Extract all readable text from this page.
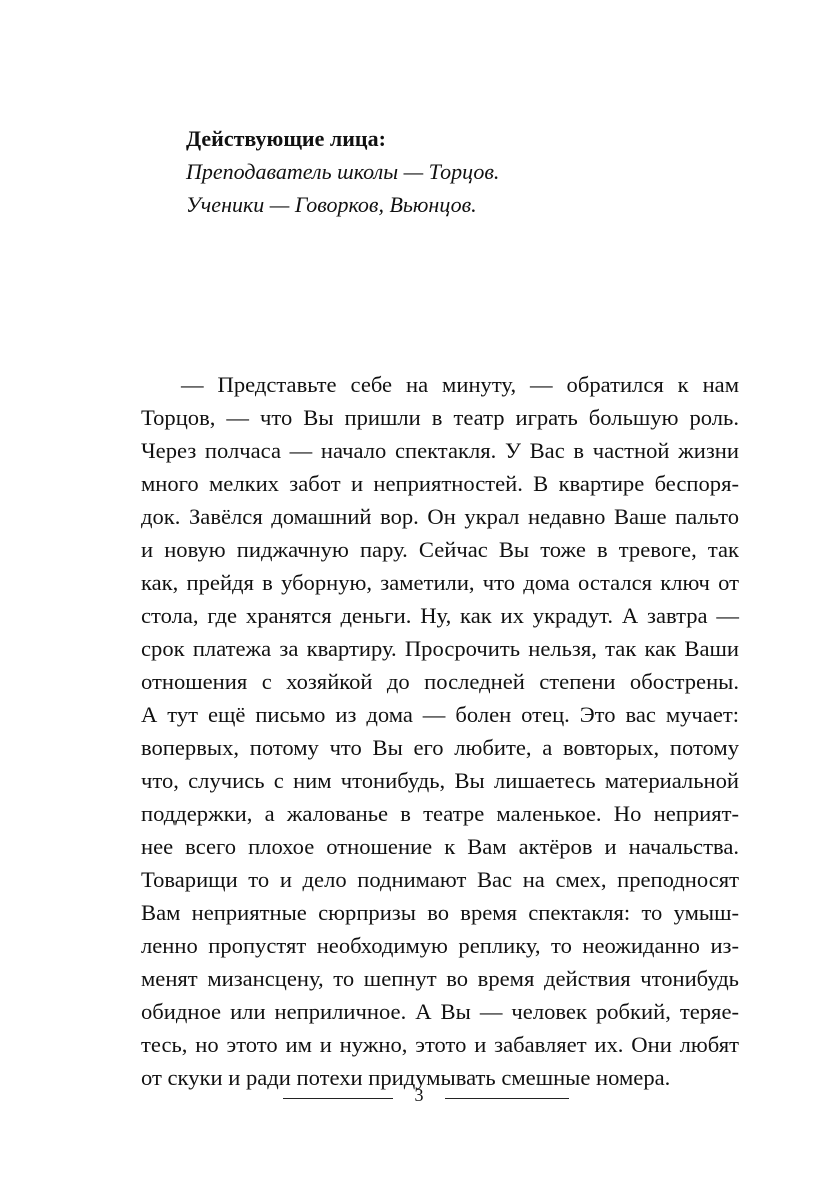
Действующие лица:
Преподаватель школы — Торцов.
Ученики — Говорков, Вьюнцов.
— Представьте себе на минуту, — обратился к нам
Торцов, — что Вы пришли в театр играть большую роль.
Через полчаса — начало спектакля. У Вас в частной жизни
много мелких забот и неприятностей. В квартире беспоря-
док. Завёлся домашний вор. Он украл недавно Ваше пальто
и новую пиджачную пару. Сейчас Вы тоже в тревоге, так
как, прейдя в уборную, заметили, что дома остался ключ от
стола, где хранятся деньги. Ну, как их украдут. А завтра —
срок платежа за квартиру. Просрочить нельзя, так как Ваши
отношения с хозяйкой до последней степени обострены.
А тут ещё письмо из дома — болен отец. Это вас мучает:
вопервых, потому что Вы его любите, а вовторых, потому
что, случись с ним чтонибудь, Вы лишаетесь материальной
поддержки, а жалованье в театре маленькое. Но неприят-
нее всего плохое отношение к Вам актёров и начальства.
Товарищи то и дело поднимают Вас на смех, преподносят
Вам неприятные сюрпризы во время спектакля: то умыш-
ленно пропустят необходимую реплику, то неожиданно из-
менят мизансцену, то шепнут во время действия чтонибудь
обидное или неприличное. А Вы — человек робкий, теряе-
тесь, но этото им и нужно, этото и забавляет их. Они любят
от скуки и ради потехи придумывать смешные номера.
3
